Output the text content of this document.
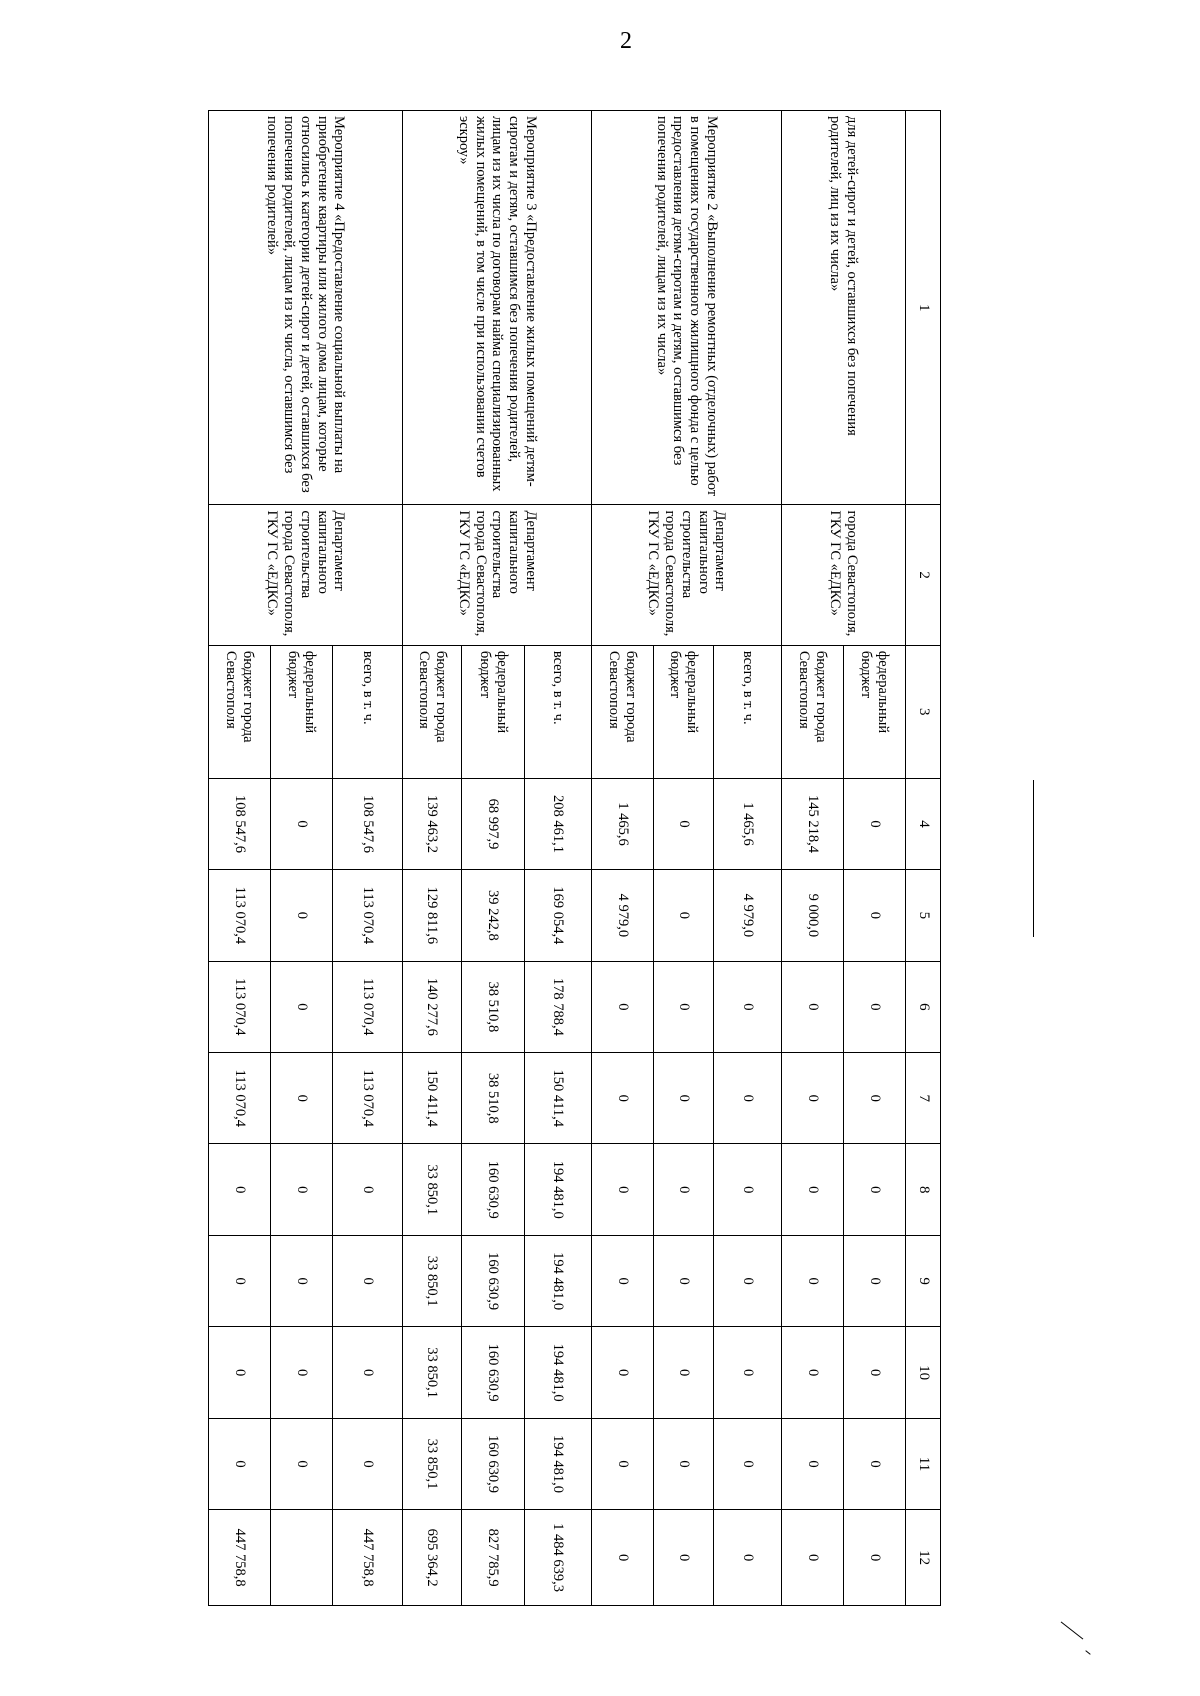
2
1	2	3	4	5	6	7	8	9	10	11	12
для детей-сирот и детей, оставшихся без попечения родителей, лиц из их числа»	города Севастополя, ГКУ ГС «ЕДКС»	федеральный бюджет	0	0	0	0	0	0	0	0	0
		бюджет города Севастополя	145 218,4	9 000,0	0	0	0	0	0	0	0
Мероприятие 2 «Выполнение ремонтных (отделочных) работ в помещениях государственного жилищного фонда с целью предоставления детям-сиротам и детям, оставшимся без попечения родителей, лицам из их числа»	Департамент капитального строительства города Севастополя, ГКУ ГС «ЕДКС»	всего, в т. ч.	1 465,6	4 979,0	0	0	0	0	0	0	0
		федеральный бюджет	0	0	0	0	0	0	0	0	0
		бюджет города Севастополя	1 465,6	4 979,0	0	0	0	0	0	0	0
Мероприятие 3 «Предоставление жилых помещений детям-сиротам и детям, оставшимся без попечения родителей, лицам из их числа по договорам найма специализированных жилых помещений, в том числе при использовании счетов эскроу»	Департамент капитального строительства города Севастополя, ГКУ ГС «ЕДКС»	всего, в т. ч.	208 461,1	169 054,4	178 788,4	150 411,4	194 481,0	194 481,0	194 481,0	194 481,0	1 484 639,3
		федеральный бюджет	68 997,9	39 242,8	38 510,8	38 510,8	160 630,9	160 630,9	160 630,9	160 630,9	827 785,9
		бюджет города Севастополя	139 463,2	129 811,6	140 277,6	150 411,4	33 850,1	33 850,1	33 850,1	33 850,1	695 364,2
Мероприятие 4 «Предоставление социальной выплаты на приобретение квартиры или жилого дома лицам, которые относились к категории детей-сирот и детей, оставшихся без попечения родителей, лицам из их числа, оставшимся без попечения родителей»	Департамент капитального строительства города Севастополя, ГКУ ГС «ЕДКС»	всего, в т. ч.	108 547,6	113 070,4	113 070,4	113 070,4	0	0	0	0	447 758,8
		федеральный бюджет	0	0	0	0	0	0	0	0	
		бюджет города Севастополя	108 547,6	113 070,4	113 070,4	113 070,4	0	0	0	0	447 758,8
